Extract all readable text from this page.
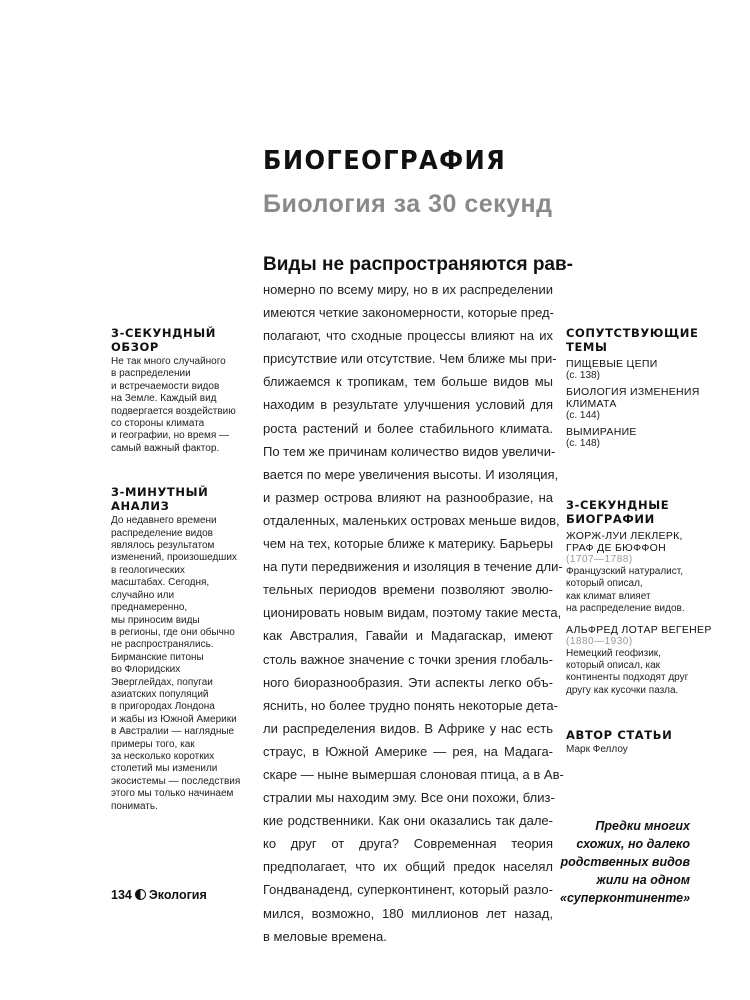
БИОГЕОГРАФИЯ
Биология за 30 секунд

Виды не распространяются рав-

номерно по всему миру, но в их распределении
имеются четкие закономерности, которые пред-
полагают, что сходные процессы влияют на их
присутствие или отсутствие. Чем ближе мы при-
ближаемся к тропикам, тем больше видов мы
находим в результате улучшения условий для
роста растений и более стабильного климата.
По тем же причинам количество видов увеличи-
вается по мере увеличения высоты. И изоляция,
и размер острова влияют на разнообразие, на
отдаленных, маленьких островах меньше видов,
чем на тех, которые ближе к материку. Барьеры
на пути передвижения и изоляция в течение дли-
тельных периодов времени позволяют эволю-
ционировать новым видам, поэтому такие места,
как Австралия, Гавайи и Мадагаскар, имеют
столь важное значение с точки зрения глобаль-
ного биоразнообразия. Эти аспекты легко объ-
яснить, но более трудно понять некоторые дета-
ли распределения видов. В Африке у нас есть
страус, в Южной Америке — рея, на Мадага-
скаре — ныне вымершая слоновая птица, а в Ав-
стралии мы находим эму. Все они похожи, близ-
кие родственники. Как они оказались так дале-
ко друг от друга? Современная теория
предполагает, что их общий предок населял
Гондванаденд, суперконтинент, который разло-
мился, возможно, 180 миллионов лет назад,
в меловые времена.

3-СЕКУНДНЫЙ
ОБЗОР

Не так много случайного

в распределении

и встречаемости видов

на Земле. Каждый вид

подвергается воздействию

со стороны климата

и географии, но время —

самый важный фактор.

3-МИНУТНЫЙ
АНАЛИЗ

До недавнего времени

распределение видов

являлось результатом

изменений, произошедших

в геологических

масштабах. Сегодня,

случайно или

преднамеренно,

мы приносим виды

в регионы, где они обычно

не распространялись.

Бирманские питоны

во Флоридских

Эверглейдах, попугаи

азиатских популяций

в пригородах Лондона

и жабы из Южной Америки

в Австралии — наглядные

примеры того, как

за несколько коротких

столетий мы изменили

экосистемы — последствия

этого мы только начинаем

понимать.

СОПУТСТВУЮЩИЕ
ТЕМЫ

ПИЩЕВЫЕ ЦЕПИ

(с. 138)

БИОЛОГИЯ ИЗМЕНЕНИЯ

КЛИМАТА

(с. 144)

ВЫМИРАНИЕ

(с. 148)

3-СЕКУНДНЫЕ
БИОГРАФИИ

ЖОРЖ-ЛУИ ЛЕКЛЕРК,

ГРАФ ДЕ БЮФФОН

(1707—1788)

Французский натуралист,

который описал,

как климат влияет

на распределение видов.

АЛЬФРЕД ЛОТАР ВЕГЕНЕР

(1880—1930)

Немецкий геофизик,

который описал, как

континенты подходят друг

другу как кусочки пазла.

АВТОР СТАТЬИ

Марк Феллоу

Предки многих
схожих, но далеко
родственных видов
жили на одном
«суперконтиненте»
134 Экология
